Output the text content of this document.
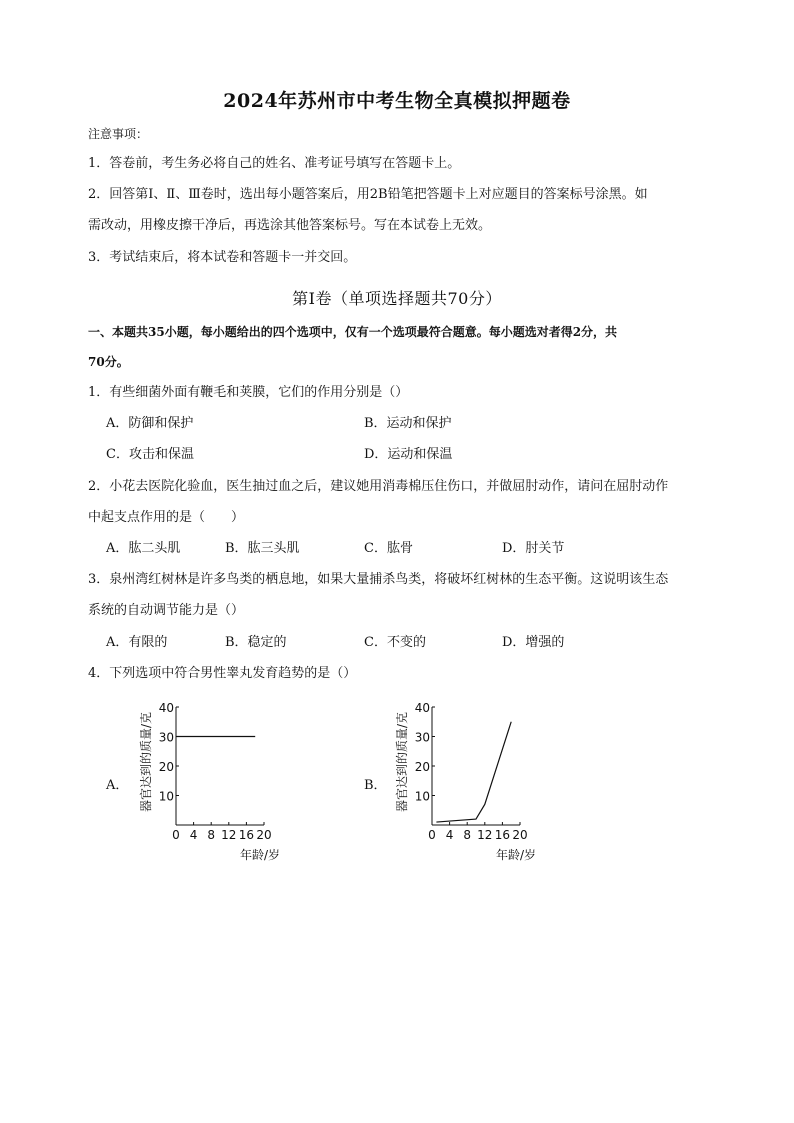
2024年苏州市中考生物全真模拟押题卷
注意事项：
1．答卷前，考生务必将自己的姓名、准考证号填写在答题卡上。
2．回答第Ⅰ、Ⅱ、Ⅲ卷时，选出每小题答案后，用2B铅笔把答题卡上对应题目的答案标号涂黑。如
需改动，用橡皮擦干净后，再选涂其他答案标号。写在本试卷上无效。
3．考试结束后，将本试卷和答题卡一并交回。
第Ⅰ卷（单项选择题共70分）
一、本题共35小题，每小题给出的四个选项中，仅有一个选项最符合题意。每小题选对者得2分，共
70分。
1．有些细菌外面有鞭毛和荚膜，它们的作用分别是（）
A．防御和保护	B．运动和保护
C．攻击和保温	D．运动和保温
2．小花去医院化验血，医生抽过血之后，建议她用消毒棉压住伤口，并做屈肘动作，请问在屈肘动作
中起支点作用的是（　　）
A．肱二头肌	B．肱三头肌	C．肱骨	D．肘关节
3．泉州湾红树林是许多鸟类的栖息地，如果大量捕杀鸟类，将破坏红树林的生态平衡。这说明该生态
系统的自动调节能力是（）
A．有限的	B．稳定的	C．不变的	D．增强的
4．下列选项中符合男性睾丸发育趋势的是（）
A．	B．
0 4 8 12 16 20
10
20
30
40
年龄/岁
器官达到的质量/克
0 4 8 12 16 20
10
20
30
40
年龄/岁
器官达到的质量/克
